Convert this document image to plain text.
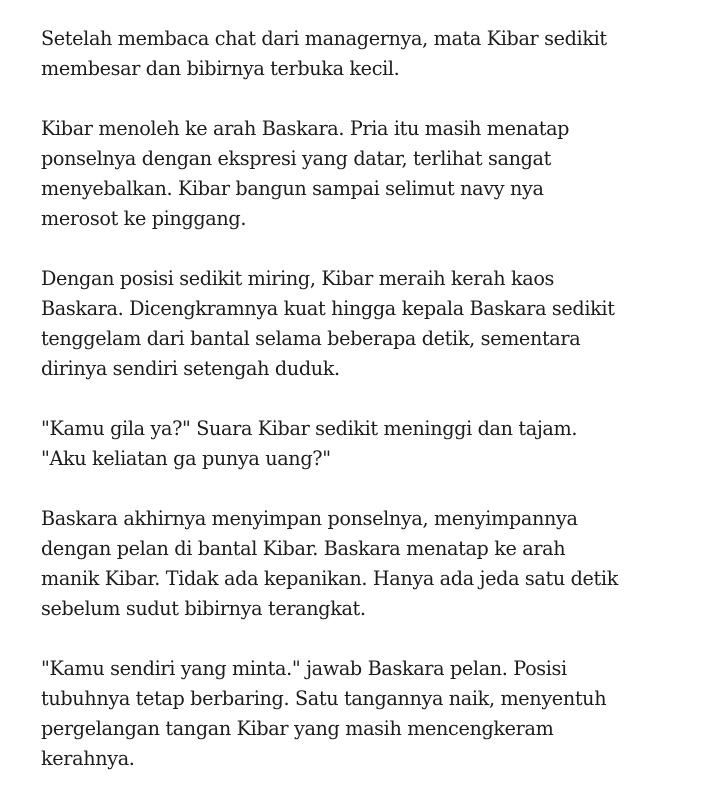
Setelah membaca chat dari managernya, mata Kibar sedikit
membesar dan bibirnya terbuka kecil.

Kibar menoleh ke arah Baskara. Pria itu masih menatap
ponselnya dengan ekspresi yang datar, terlihat sangat
menyebalkan. Kibar bangun sampai selimut navy nya
merosot ke pinggang.

Dengan posisi sedikit miring, Kibar meraih kerah kaos
Baskara. Dicengkramnya kuat hingga kepala Baskara sedikit
tenggelam dari bantal selama beberapa detik, sementara
dirinya sendiri setengah duduk.

"Kamu gila ya?" Suara Kibar sedikit meninggi dan tajam.
"Aku keliatan ga punya uang?"

Baskara akhirnya menyimpan ponselnya, menyimpannya
dengan pelan di bantal Kibar. Baskara menatap ke arah
manik Kibar. Tidak ada kepanikan. Hanya ada jeda satu detik
sebelum sudut bibirnya terangkat.

"Kamu sendiri yang minta." jawab Baskara pelan. Posisi
tubuhnya tetap berbaring. Satu tangannya naik, menyentuh
pergelangan tangan Kibar yang masih mencengkeram
kerahnya.
